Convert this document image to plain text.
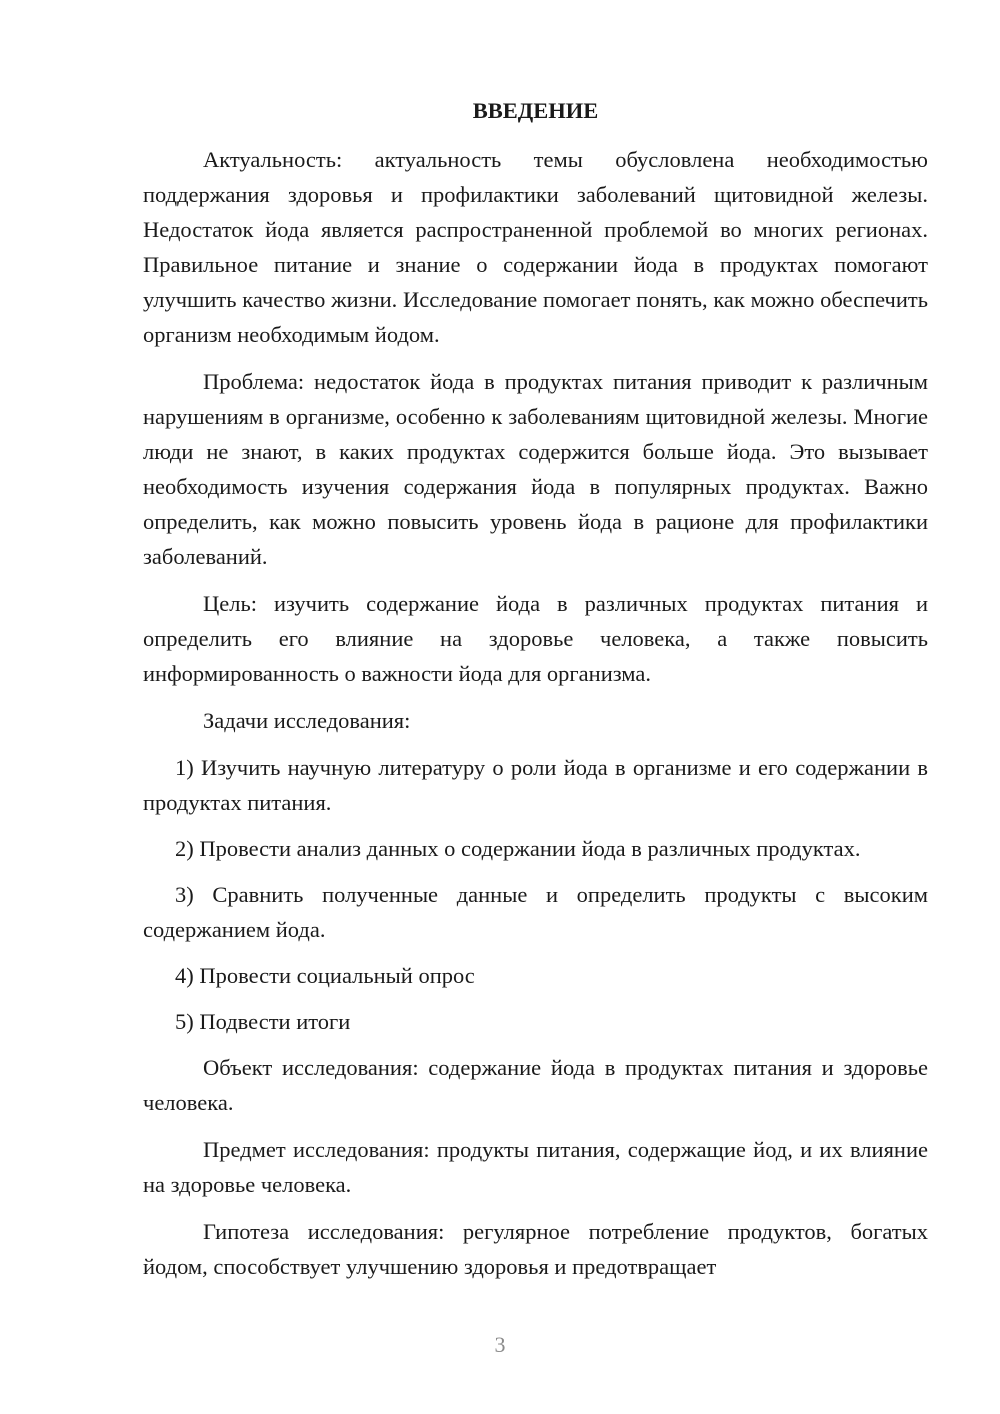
ВВЕДЕНИЕ

Актуальность: актуальность темы обусловлена необходимостью поддержания здоровья и профилактики заболеваний щитовидной железы. Недостаток йода является распространенной проблемой во многих регионах. Правильное питание и знание о содержании йода в продуктах помогают улучшить качество жизни. Исследование помогает понять, как можно обеспечить организм необходимым йодом.

Проблема: недостаток йода в продуктах питания приводит к различным нарушениям в организме, особенно к заболеваниям щитовидной железы. Многие люди не знают, в каких продуктах содержится больше йода. Это вызывает необходимость изучения содержания йода в популярных продуктах. Важно определить, как можно повысить уровень йода в рационе для профилактики заболеваний.

Цель: изучить содержание йода в различных продуктах питания и определить его влияние на здоровье человека, а также повысить информированность о важности йода для организма.

Задачи исследования:

1) Изучить научную литературу о роли йода в организме и его содержании в продуктах питания.

2) Провести анализ данных о содержании йода в различных продуктах.

3) Сравнить полученные данные и определить продукты с высоким содержанием йода.

4) Провести социальный опрос

5) Подвести итоги

Объект исследования: содержание йода в продуктах питания и здоровье человека.

Предмет исследования: продукты питания, содержащие йод, и их влияние на здоровье человека.

Гипотеза исследования: регулярное потребление продуктов, богатых йодом, способствует улучшению здоровья и предотвращает

3
